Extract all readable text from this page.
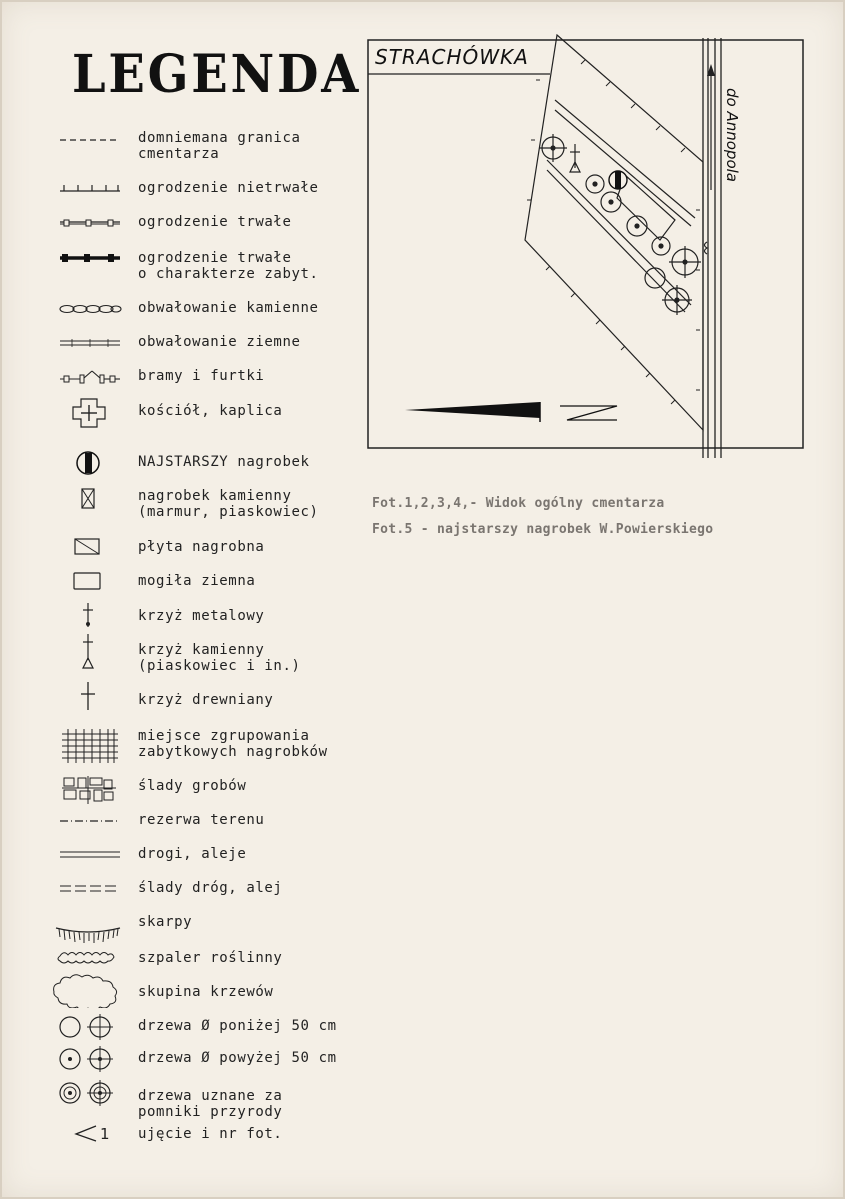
LEGENDA
domniemana granica
cmentarza
ogrodzenie nietrwałe
ogrodzenie trwałe
ogrodzenie trwałe
o charakterze zabyt.
obwałowanie kamienne
obwałowanie ziemne
bramy i furtki
kościół, kaplica
NAJSTARSZY nagrobek
nagrobek kamienny
(marmur, piaskowiec)
płyta nagrobna
mogiła ziemna
krzyż metalowy
krzyż kamienny
(piaskowiec i in.)
krzyż drewniany
miejsce zgrupowania
zabytkowych nagrobków
ślady grobów
rezerwa terenu
drogi, aleje
ślady dróg, alej
skarpy
szpaler roślinny
skupina krzewów
drzewa Ø poniżej 50 cm
drzewa Ø powyżej 50 cm
drzewa uznane za
pomniki przyrody
1 ujęcie i nr fot.
STRACHÓWKA
do Annopola
Fot.1,2,3,4,- Widok ogólny cmentarza
Fot.5 - najstarszy nagrobek W.Powierskiego
